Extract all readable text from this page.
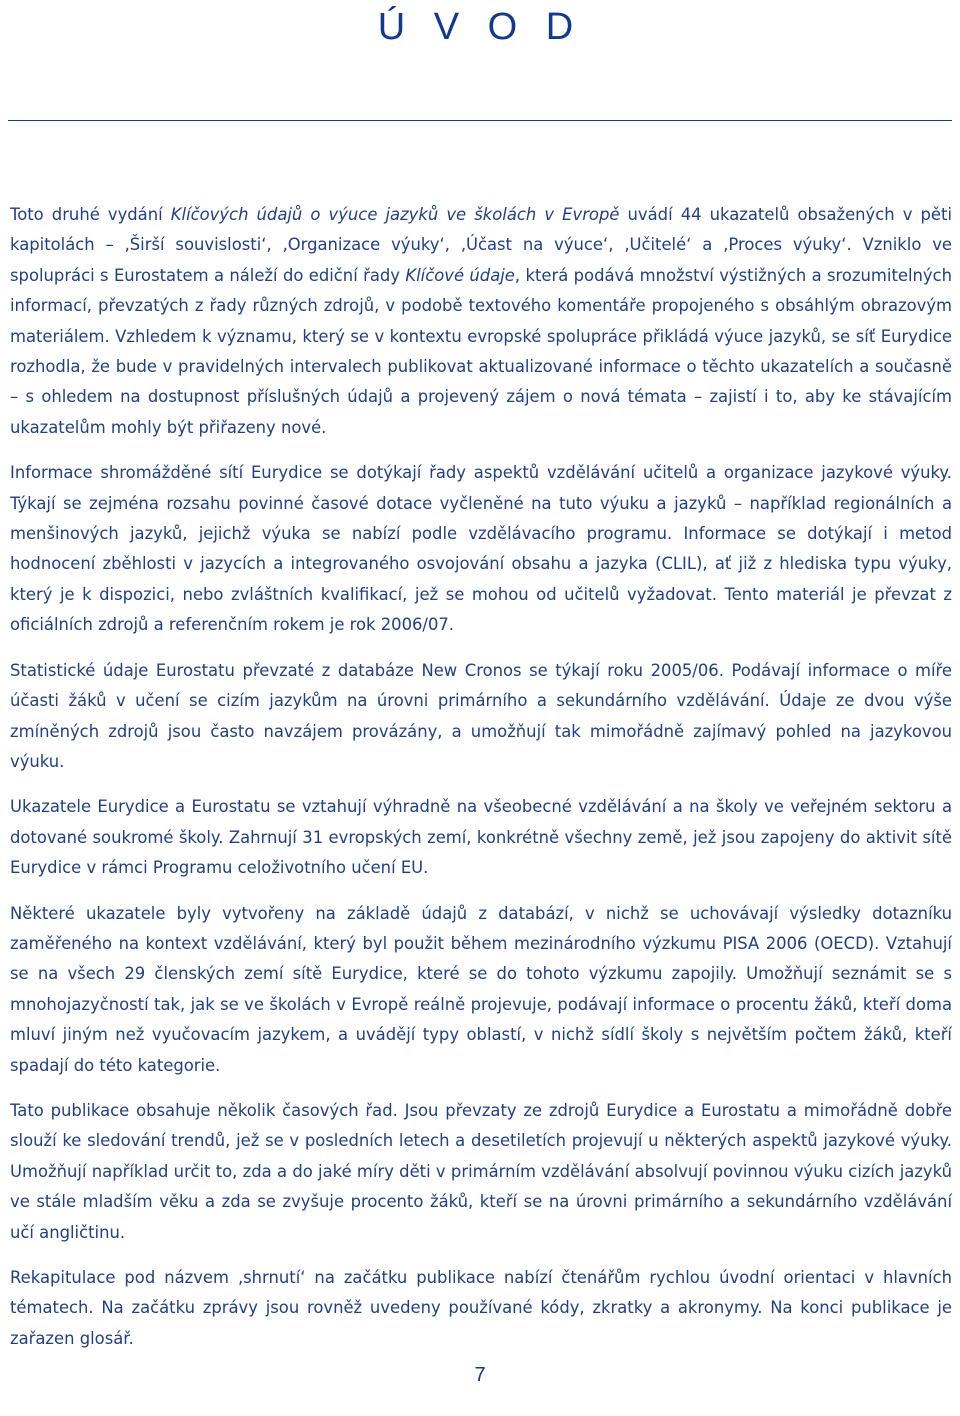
Ú V O D

Toto druhé vydání Klíčových údajů o výuce jazyků ve školách v Evropě uvádí 44 ukazatelů obsažených v pěti kapitolách – ‚Širší souvislosti‘, ‚Organizace výuky‘, ‚Účast na výuce‘, ‚Učitelé‘ a ‚Proces výuky‘. Vzniklo ve spolupráci s Eurostatem a náleží do ediční řady Klíčové údaje, která podává množství výstižných a srozumitelných informací, převzatých z řady různých zdrojů, v podobě textového komentáře propojeného s obsáhlým obrazovým materiálem. Vzhledem k významu, který se v kontextu evropské spolupráce přikládá výuce jazyků, se síť Eurydice rozhodla, že bude v pravidelných intervalech publikovat aktualizované informace o těchto ukazatelích a současně – s ohledem na dostupnost příslušných údajů a projevený zájem o nová témata – zajistí i to, aby ke stávajícím ukazatelům mohly být přiřazeny nové.

Informace shromážděné sítí Eurydice se dotýkají řady aspektů vzdělávání učitelů a organizace jazykové výuky. Týkají se zejména rozsahu povinné časové dotace vyčleněné na tuto výuku a jazyků – například regionálních a menšinových jazyků, jejichž výuka se nabízí podle vzdělávacího programu. Informace se dotýkají i metod hodnocení zběhlosti v jazycích a integrovaného osvojování obsahu a jazyka (CLIL), ať již z hlediska typu výuky, který je k dispozici, nebo zvláštních kvalifikací, jež se mohou od učitelů vyžadovat. Tento materiál je převzat z oficiálních zdrojů a referenčním rokem je rok 2006/07.

Statistické údaje Eurostatu převzaté z databáze New Cronos se týkají roku 2005/06. Podávají informace o míře účasti žáků v učení se cizím jazykům na úrovni primárního a sekundárního vzdělávání. Údaje ze dvou výše zmíněných zdrojů jsou často navzájem provázány, a umožňují tak mimořádně zajímavý pohled na jazykovou výuku.

Ukazatele Eurydice a Eurostatu se vztahují výhradně na všeobecné vzdělávání a na školy ve veřejném sektoru a dotované soukromé školy. Zahrnují 31 evropských zemí, konkrétně všechny země, jež jsou zapojeny do aktivit sítě Eurydice v rámci Programu celoživotního učení EU.

Některé ukazatele byly vytvořeny na základě údajů z databází, v nichž se uchovávají výsledky dotazníku zaměřeného na kontext vzdělávání, který byl použit během mezinárodního výzkumu PISA 2006 (OECD). Vztahují se na všech 29 členských zemí sítě Eurydice, které se do tohoto výzkumu zapojily. Umožňují seznámit se s mnohojazyčností tak, jak se ve školách v Evropě reálně projevuje, podávají informace o procentu žáků, kteří doma mluví jiným než vyučovacím jazykem, a uvádějí typy oblastí, v nichž sídlí školy s největším počtem žáků, kteří spadají do této kategorie.

Tato publikace obsahuje několik časových řad. Jsou převzaty ze zdrojů Eurydice a Eurostatu a mimořádně dobře slouží ke sledování trendů, jež se v posledních letech a desetiletích projevují u některých aspektů jazykové výuky. Umožňují například určit to, zda a do jaké míry děti v primárním vzdělávání absolvují povinnou výuku cizích jazyků ve stále mladším věku a zda se zvyšuje procento žáků, kteří se na úrovni primárního a sekundárního vzdělávání učí angličtinu.

Rekapitulace pod názvem ‚shrnutí‘ na začátku publikace nabízí čtenářům rychlou úvodní orientaci v hlavních tématech. Na začátku zprávy jsou rovněž uvedeny používané kódy, zkratky a akronymy. Na konci publikace je zařazen glosář.

7
